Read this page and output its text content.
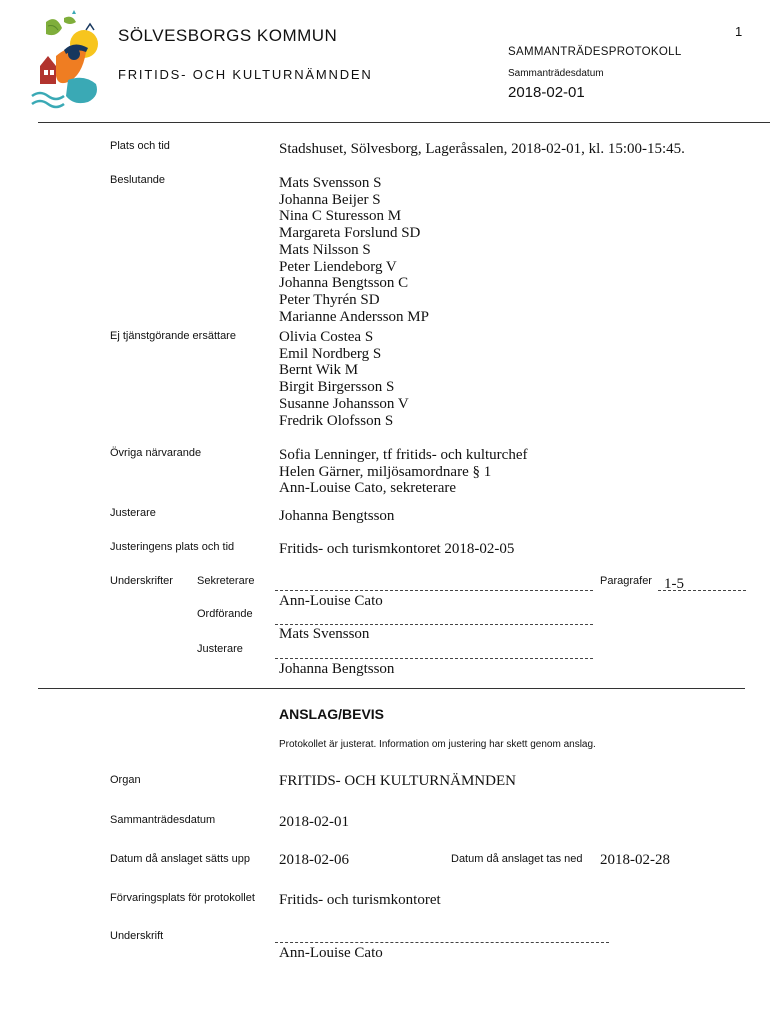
1
SÖLVESBORGS KOMMUN
FRITIDS- OCH KULTURNÄMNDEN
SAMMANTRÄDESPROTOKOLL
Sammanträdesdatum
2018-02-01
Plats och tid	Stadshuset, Sölvesborg, Lageråssalen, 2018-02-01, kl. 15:00-15:45.
Beslutande	Mats Svensson S
Johanna Beijer S
Nina C Sturesson M
Margareta Forslund SD
Mats Nilsson S
Peter Liendeborg V
Johanna Bengtsson C
Peter Thyrén SD
Marianne Andersson MP
Ej tjänstgörande ersättare	Olivia Costea S
Emil Nordberg S
Bernt Wik M
Birgit Birgersson S
Susanne Johansson V
Fredrik Olofsson S
Övriga närvarande	Sofia Lenninger, tf fritids- och kulturchef
Helen Gärner, miljösamordnare § 1
Ann-Louise Cato, sekreterare
Justerare	Johanna Bengtsson
Justeringens plats och tid	Fritids- och turismkontoret 2018-02-05
Underskrifter Sekreterare
Ann-Louise Cato
Paragrafer 1-5
Ordförande
Mats Svensson
Justerare
Johanna Bengtsson
ANSLAG/BEVIS
Protokollet är justerat. Information om justering har skett genom anslag.
Organ	FRITIDS- OCH KULTURNÄMNDEN
Sammanträdesdatum	2018-02-01
Datum då anslaget sätts upp 2018-02-06	Datum då anslaget tas ned 2018-02-28
Förvaringsplats för protokollet Fritids- och turismkontoret
Underskrift
Ann-Louise Cato
